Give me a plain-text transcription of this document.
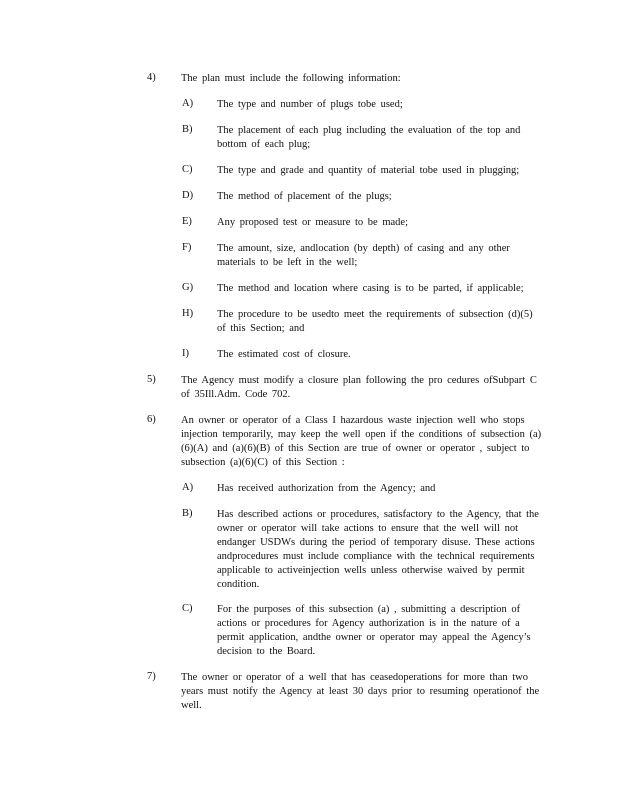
4) The plan must include the following information:
A) The type and number of plugs tobe used;
B) The placement of each plug including the evaluation of the top and bottom of each plug;
C) The type and grade and quantity of material tobe used in plugging;
D) The method of placement of the plugs;
E) Any proposed test or measure to be made;
F) The amount, size, andlocation (by depth) of casing and any other materials to be left in the well;
G) The method and location where casing is to be parted, if applicable;
H) The procedure to be usedto meet the requirements of subsection (d)(5) of this Section; and
I)	The estimated cost of closure.
5) The Agency must modify a closure plan following the pro cedures ofSubpart C of 35Ill.Adm. Code 702.
6) An owner or operator of a Class I hazardous waste injection well who stops injection temporarily, may keep the well open if the conditions of subsection (a)(6)(A) and (a)(6)(B) of this Section are true of owner or operator , subject to subsection (a)(6)(C) of this Section :
A) Has received authorization from the Agency; and
B) Has described actions or procedures, satisfactory to the Agency, that the owner or operator will take actions to ensure that the well will not endanger USDWs during the period of temporary disuse. These actions andprocedures must include compliance with the technical requirements applicable to activeinjection wells unless otherwise waived by permit condition.
C) For the purposes of this subsection (a) , submitting a description of actions or procedures for Agency authorization is in the nature of a permit application, andthe owner or operator may appeal the Agency’s decision to the Board.
7) The owner or operator of a well that has ceasedoperations for more than two years must notify the Agency at least 30 days prior to resuming operationof the well.
